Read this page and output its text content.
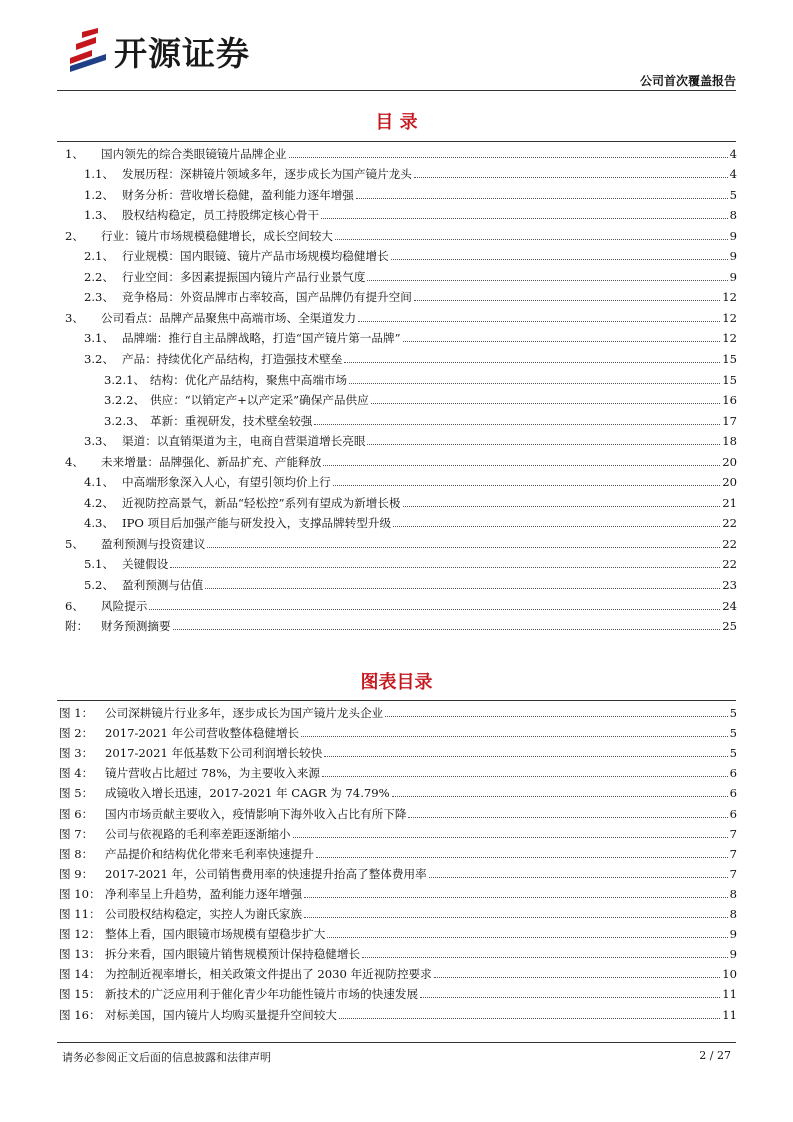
开源证券
公司首次覆盖报告
目 录
1、	国内领先的综合类眼镜镜片品牌企业	4
1.1、 发展历程：深耕镜片领域多年，逐步成长为国产镜片龙头	4
1.2、 财务分析：营收增长稳健，盈利能力逐年增强	5
1.3、 股权结构稳定，员工持股绑定核心骨干	8
2、	行业：镜片市场规模稳健增长，成长空间较大	9
2.1、 行业规模：国内眼镜、镜片产品市场规模均稳健增长	9
2.2、 行业空间：多因素提振国内镜片产品行业景气度	9
2.3、 竞争格局：外资品牌市占率较高，国产品牌仍有提升空间	12
3、	公司看点：品牌产品聚焦中高端市场、全渠道发力	12
3.1、 品牌端：推行自主品牌战略，打造“国产镜片第一品牌”	12
3.2、 产品：持续优化产品结构，打造强技术壁垒	15
3.2.1、 结构：优化产品结构，聚焦中高端市场	15
3.2.2、 供应：“以销定产+以产定采”确保产品供应	16
3.2.3、 革新：重视研发，技术壁垒较强	17
3.3、 渠道：以直销渠道为主，电商自营渠道增长亮眼	18
4、	未来增量：品牌强化、新品扩充、产能释放	20
4.1、 中高端形象深入人心，有望引领均价上行	20
4.2、 近视防控高景气，新品“轻松控”系列有望成为新增长极	21
4.3、 IPO 项目后加强产能与研发投入，支撑品牌转型升级	22
5、	盈利预测与投资建议	22
5.1、 关键假设	22
5.2、 盈利预测与估值	23
6、	风险提示	24
附： 财务预测摘要	25
图表目录
图 1：	公司深耕镜片行业多年，逐步成长为国产镜片龙头企业	5
图 2：	2017-2021 年公司营收整体稳健增长	5
图 3：	2017-2021 年低基数下公司利润增长较快	5
图 4：	镜片营收占比超过 78%，为主要收入来源	6
图 5：	成镜收入增长迅速，2017-2021 年 CAGR 为 74.79%	6
图 6：	国内市场贡献主要收入，疫情影响下海外收入占比有所下降	6
图 7：	公司与依视路的毛利率差距逐渐缩小	7
图 8：	产品提价和结构优化带来毛利率快速提升	7
图 9：	2017-2021 年，公司销售费用率的快速提升抬高了整体费用率	7
图 10： 净利率呈上升趋势，盈利能力逐年增强	8
图 11： 公司股权结构稳定，实控人为谢氏家族	8
图 12： 整体上看，国内眼镜市场规模有望稳步扩大	9
图 13： 拆分来看，国内眼镜片销售规模预计保持稳健增长	9
图 14： 为控制近视率增长，相关政策文件提出了 2030 年近视防控要求	10
图 15： 新技术的广泛应用利于催化青少年功能性镜片市场的快速发展	11
图 16： 对标美国，国内镜片人均购买量提升空间较大	11
请务必参阅正文后面的信息披露和法律声明	2 / 27
